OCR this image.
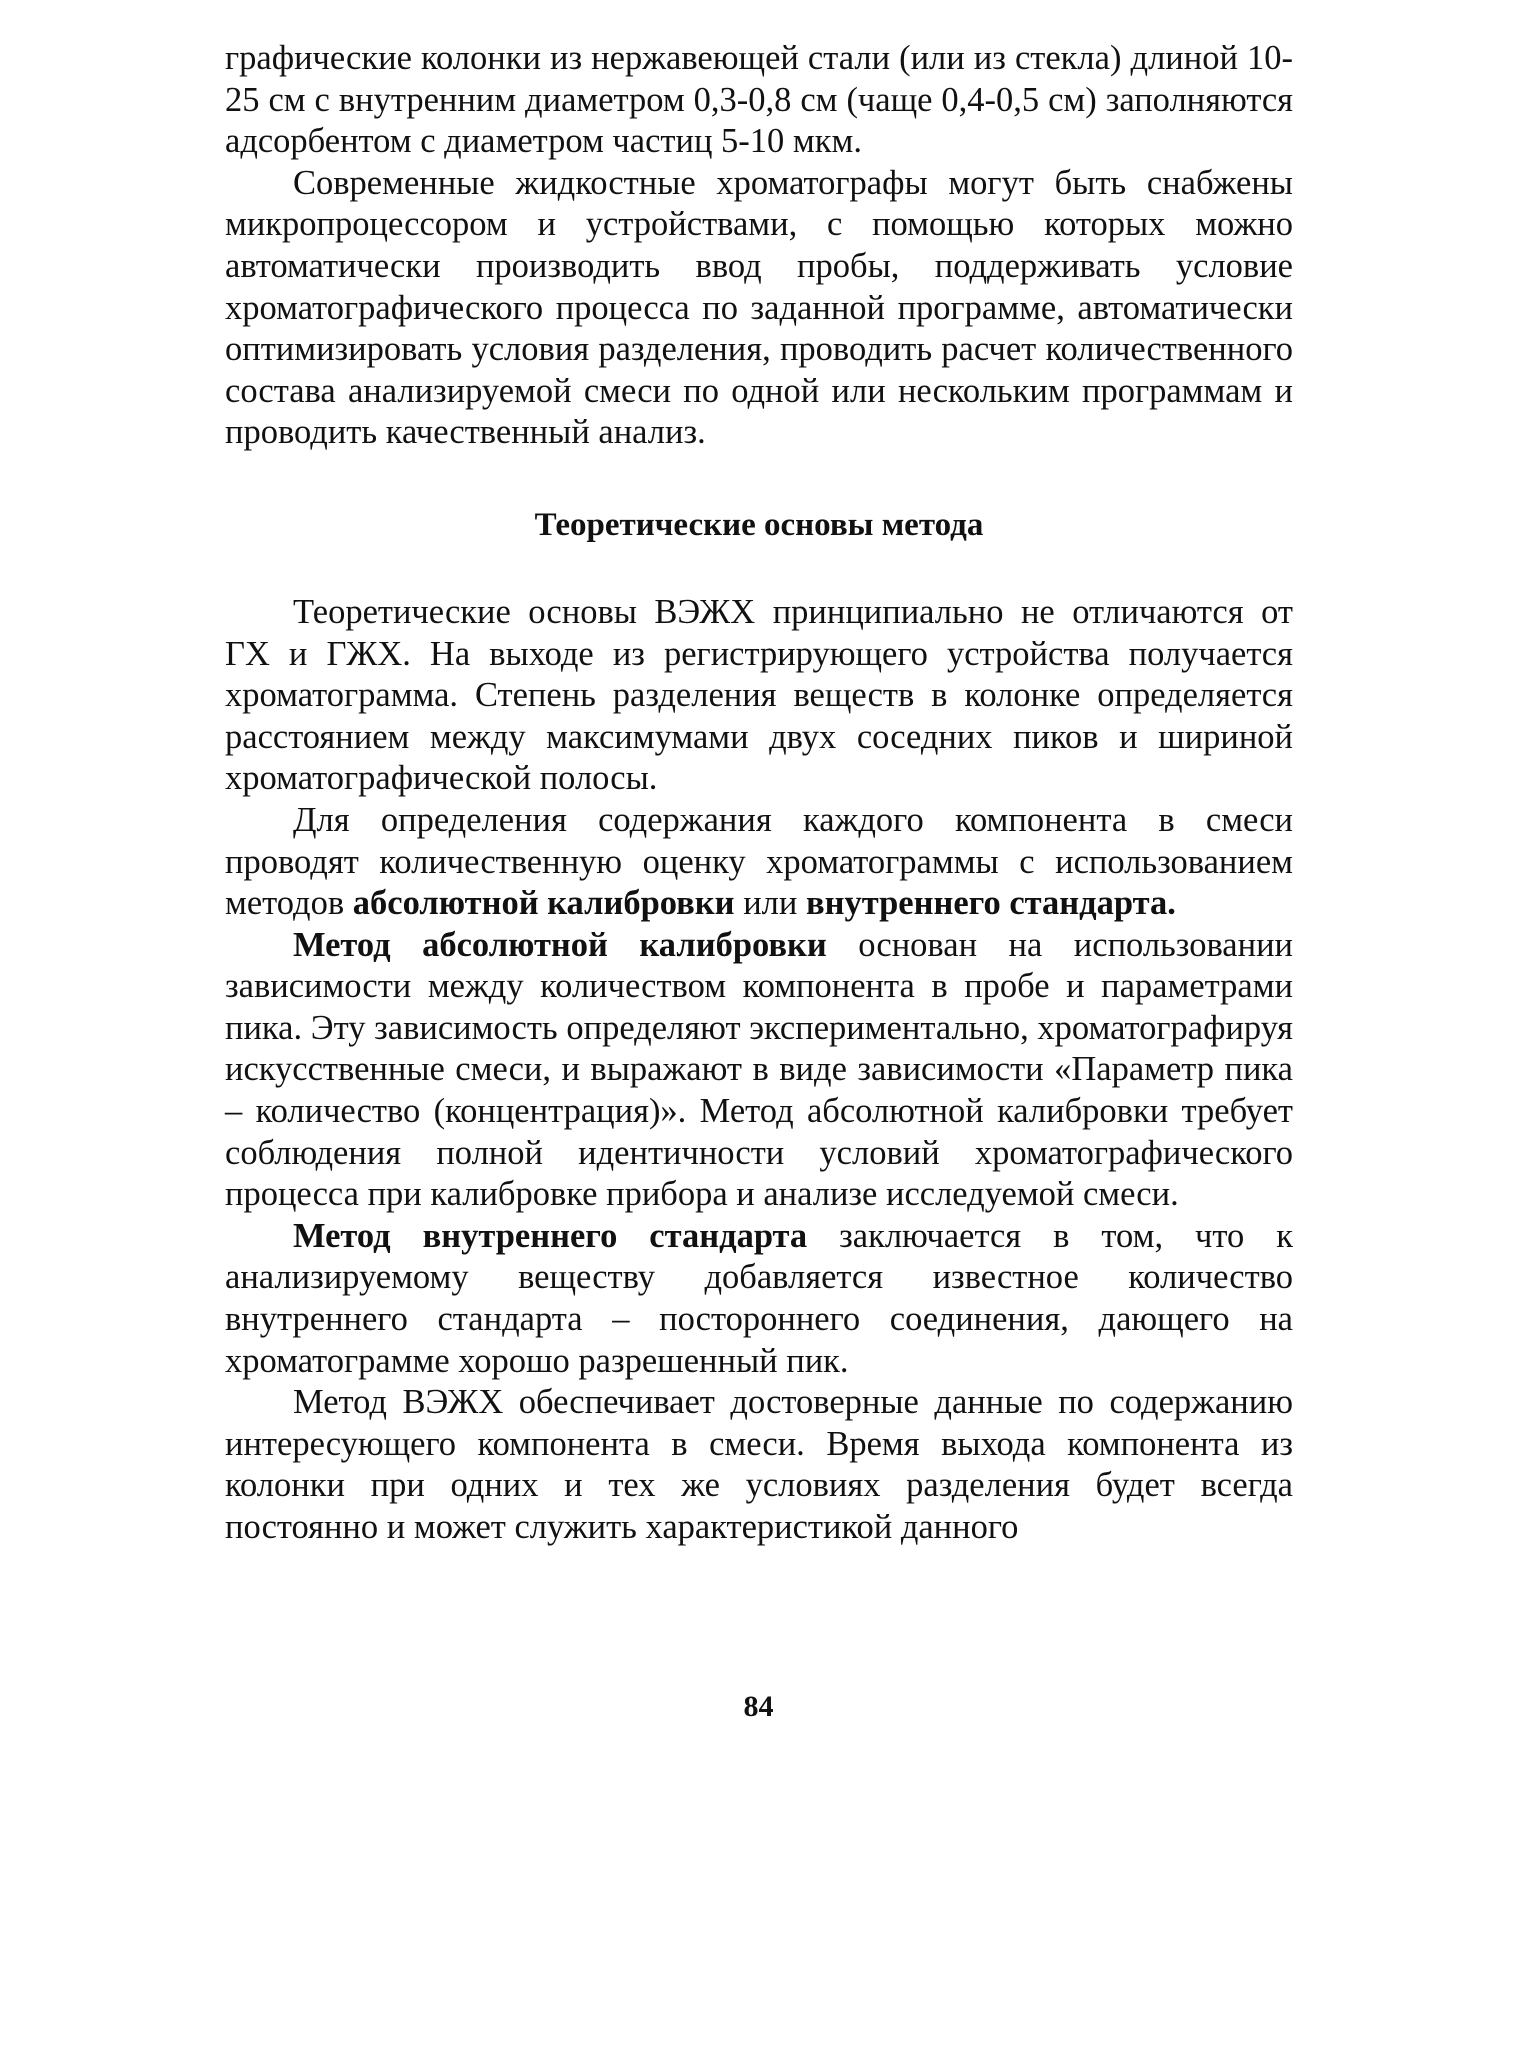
графические колонки из нержавеющей стали (или из стекла) длиной 10-25 см с внутренним диаметром 0,3-0,8 см (чаще 0,4-0,5 см) заполняются адсорбентом с диаметром частиц 5-10 мкм.

Современные жидкостные хроматографы могут быть снабжены микропроцессором и устройствами, с помощью которых можно автоматически производить ввод пробы, поддерживать условие хроматографического процесса по заданной программе, автоматически оптимизировать условия разделения, проводить расчет количественного состава анализируемой смеси по одной или нескольким программам и проводить качественный анализ.

Теоретические основы метода

Теоретические основы ВЭЖХ принципиально не отличаются от ГХ и ГЖХ. На выходе из регистрирующего устройства получается хроматограмма. Степень разделения веществ в колонке определяется расстоянием между максимумами двух соседних пиков и шириной хроматографической полосы.

Для определения содержания каждого компонента в смеси проводят количественную оценку хроматограммы с использованием методов абсолютной калибровки или внутреннего стандарта.

Метод абсолютной калибровки основан на использовании зависимости между количеством компонента в пробе и параметрами пика. Эту зависимость определяют экспериментально, хроматографируя искусственные смеси, и выражают в виде зависимости «Параметр пика – количество (концентрация)». Метод абсолютной калибровки требует соблюдения полной идентичности условий хроматографического процесса при калибровке прибора и анализе исследуемой смеси.

Метод внутреннего стандарта заключается в том, что к анализируемому веществу добавляется известное количество внутреннего стандарта – постороннего соединения, дающего на хроматограмме хорошо разрешенный пик.

Метод ВЭЖХ обеспечивает достоверные данные по содержанию интересующего компонента в смеси. Время выхода компонента из колонки при одних и тех же условиях разделения будет всегда постоянно и может служить характеристикой данного

84
